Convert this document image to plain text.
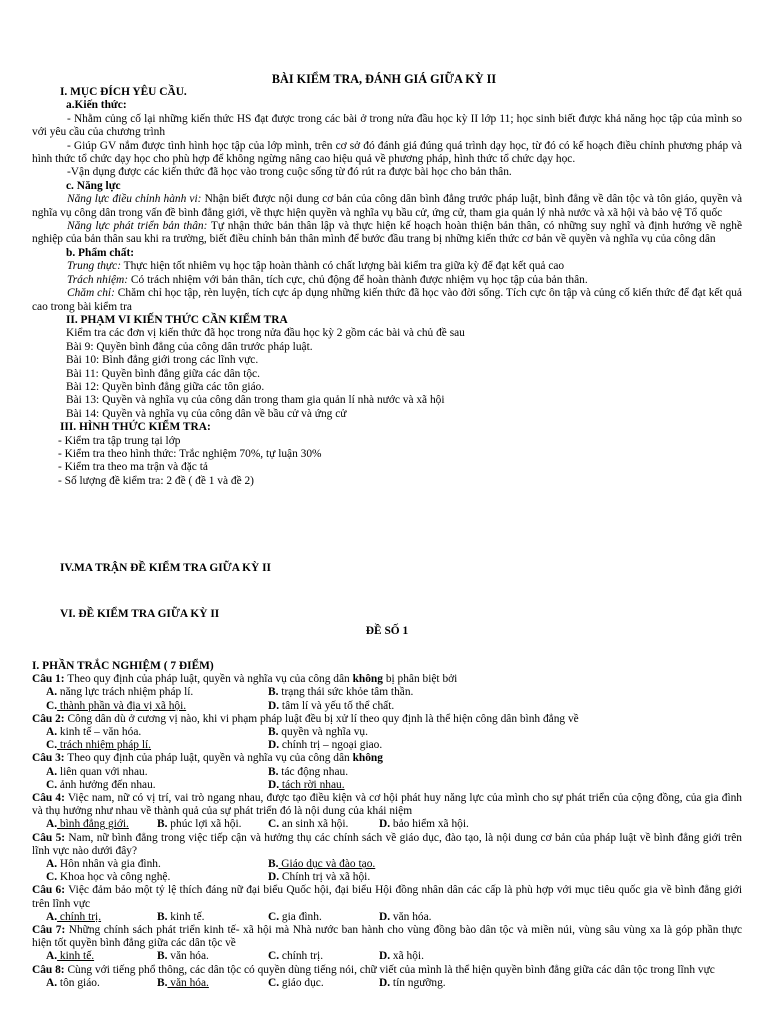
BÀI KIỂM TRA, ĐÁNH GIÁ GIỮA KỲ II
I. MỤC ĐÍCH YÊU CẦU.
a.Kiến thức:
- Nhằm củng cố lại những kiến thức HS đạt được trong các bài ở trong nửa đầu học kỳ II lớp 11; học sinh biết được khả năng học tập của mình so với yêu cầu của chương trình
- Giúp GV nắm được tình hình học tập của lớp mình, trên cơ sở đó đánh giá đúng quá trình dạy học, từ đó có kế hoạch điều chỉnh phương pháp và hình thức tổ chức dạy học cho phù hợp để không ngừng nâng cao hiệu quả về phương pháp, hình thức tổ chức dạy học.
-Vận dụng được các kiến thức đã học vào trong cuộc sống từ đó rút ra được bài học cho bản thân.
c. Năng lực
Năng lực điều chỉnh hành vi: Nhận biết được nội dung cơ bản của công dân bình đẳng trước pháp luật, bình đẳng về dân tộc và tôn giáo, quyền và nghĩa vụ công dân trong vấn đề bình đẳng giới, về thực hiện quyền và nghĩa vụ bầu cử, ứng cử, tham gia quản lý nhà nước và xã hội và bảo vệ Tổ quốc
Năng lực phát triển bản thân: Tự nhận thức bản thân lập và thực hiện kế hoạch hoàn thiện bản thân, có những suy nghĩ và định hướng về nghề nghiệp của bản thân sau khi ra trường, biết điều chỉnh bản thân mình để bước đầu trang bị những kiến thức cơ bản về quyền và nghĩa vụ của công dân
b. Phẩm chất:
Trung thực: Thực hiện tốt nhiêm vụ học tập hoàn thành có chất lượng bài kiểm tra giữa kỳ để đạt kết quả cao
Trách nhiệm: Có trách nhiệm với bản thân, tích cực, chủ động để hoàn thành được nhiệm vụ học tập của bản thân.
Chăm chỉ: Chăm chỉ học tập, rèn luyện, tích cực áp dụng những kiến thức đã học vào đời sống. Tích cực ôn tập và củng cố kiến thức để đạt kết quả cao trong bài kiểm tra
II. PHẠM VI KIẾN THỨC CẦN KIỂM TRA
Kiểm tra các đơn vị kiến thức đã học trong nửa đầu học kỳ 2 gồm các bài và chủ đề sau
Bài 9: Quyền bình đẳng của công dân trước pháp luật.
Bài 10: Bình đẳng giới trong các lĩnh vực.
Bài 11: Quyền bình đẳng giữa các dân tộc.
Bài 12: Quyền bình đẳng giữa các tôn giáo.
Bài 13: Quyền và nghĩa vụ của công dân trong tham gia quản lí nhà nước và xã hội
Bài 14: Quyền và nghĩa vụ của công dân về bầu cử và ứng cử
III. HÌNH THỨC KIỂM TRA:
- Kiểm tra tập trung tại lớp
- Kiểm tra theo hình thức: Trắc nghiệm 70%, tự luận 30%
- Kiểm tra theo ma trận và đặc tả
- Số lượng đề kiểm tra: 2 đề ( đề 1 và đề 2)
IV.MA TRẬN ĐỀ KIỂM TRA GIỮA KỲ II
VI. ĐỀ KIỂM TRA GIỮA KỲ II
ĐỀ SỐ 1
I. PHẦN TRẮC NGHIỆM ( 7 ĐIỂM)
Câu 1: Theo quy định của pháp luật, quyền và nghĩa vụ của công dân không bị phân biệt bởi
A. năng lực trách nhiệm pháp lí.	B. trạng thái sức khỏe tâm thần.
C. thành phần và địa vị xã hội.	D. tâm lí và yếu tố thể chất.
Câu 2: Công dân dù ở cương vị nào, khi vi phạm pháp luật đều bị xử lí theo quy định là thể hiện công dân bình đẳng về
A. kinh tế – văn hóa.	B. quyền và nghĩa vụ.
C. trách nhiệm pháp lí.	D. chính trị – ngoại giao.
Câu 3: Theo quy định của pháp luật, quyền và nghĩa vụ của công dân không
A. liên quan với nhau.	B. tác động nhau.
C. ảnh hưởng đến nhau.	D. tách rời nhau.
Câu 4: Việc nam, nữ có vị trí, vai trò ngang nhau, được tạo điều kiện và cơ hội phát huy năng lực của mình cho sự phát triển của cộng đồng, của gia đình và thụ hưởng như nhau về thành quả của sự phát triển đó là nội dung của khái niệm
A. bình đẳng giới.	B. phúc lợi xã hội.	C. an sinh xã hội.	D. bảo hiểm xã hội.
Câu 5: Nam, nữ bình đẳng trong việc tiếp cận và hưởng thụ các chính sách về giáo dục, đào tạo, là nội dung cơ bản của pháp luật về bình đẳng giới trên lĩnh vực nào dưới đây?
A. Hôn nhân và gia đình.	B. Giáo dục và đào tạo.
C. Khoa học và công nghệ.	D. Chính trị và xã hội.
Câu 6: Việc đảm bảo một tỷ lệ thích đáng nữ đại biểu Quốc hội, đại biểu Hội đồng nhân dân các cấp là phù hợp với mục tiêu quốc gia về bình đẳng giới trên lĩnh vực
A. chính trị.	B. kinh tế.	C. gia đình.	D. văn hóa.
Câu 7: Những chính sách phát triển kinh tế- xã hội mà Nhà nước ban hành cho vùng đồng bào dân tộc và miền núi, vùng sâu vùng xa là góp phần thực hiện tốt quyền bình đẳng giữa các dân tộc về
A. kinh tế.	B. văn hóa.	C. chính trị.	D. xã hội.
Câu 8: Cùng với tiếng phổ thông, các dân tộc có quyền dùng tiếng nói, chữ viết của mình là thể hiện quyền bình đẳng giữa các dân tộc trong lĩnh vực
A. tôn giáo.	B. văn hóa.	C. giáo dục.	D. tín ngưỡng.
